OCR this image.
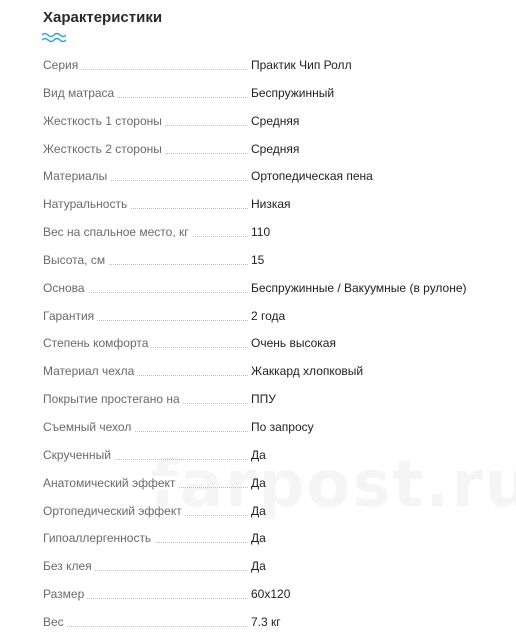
Характеристики
Серия	Практик Чип Ролл
Вид матраса	Беспружинный
Жесткость 1 стороны	Средняя
Жесткость 2 стороны	Средняя
Материалы	Ортопедическая пена
Натуральность	Низкая
Вес на спальное место, кг	110
Высота, см	15
Основа	Беспружинные / Вакуумные (в рулоне)
Гарантия	2 года
Степень комфорта	Очень высокая
Материал чехла	Жаккард хлопковый
Покрытие простегано на	ППУ
Съемный чехол	По запросу
Скрученный	Да
Анатомический эффект	Да
Ортопедический эффект	Да
Гипоаллергенность	Да
Без клея	Да
Размер	60x120
Вес	7.3 кг
